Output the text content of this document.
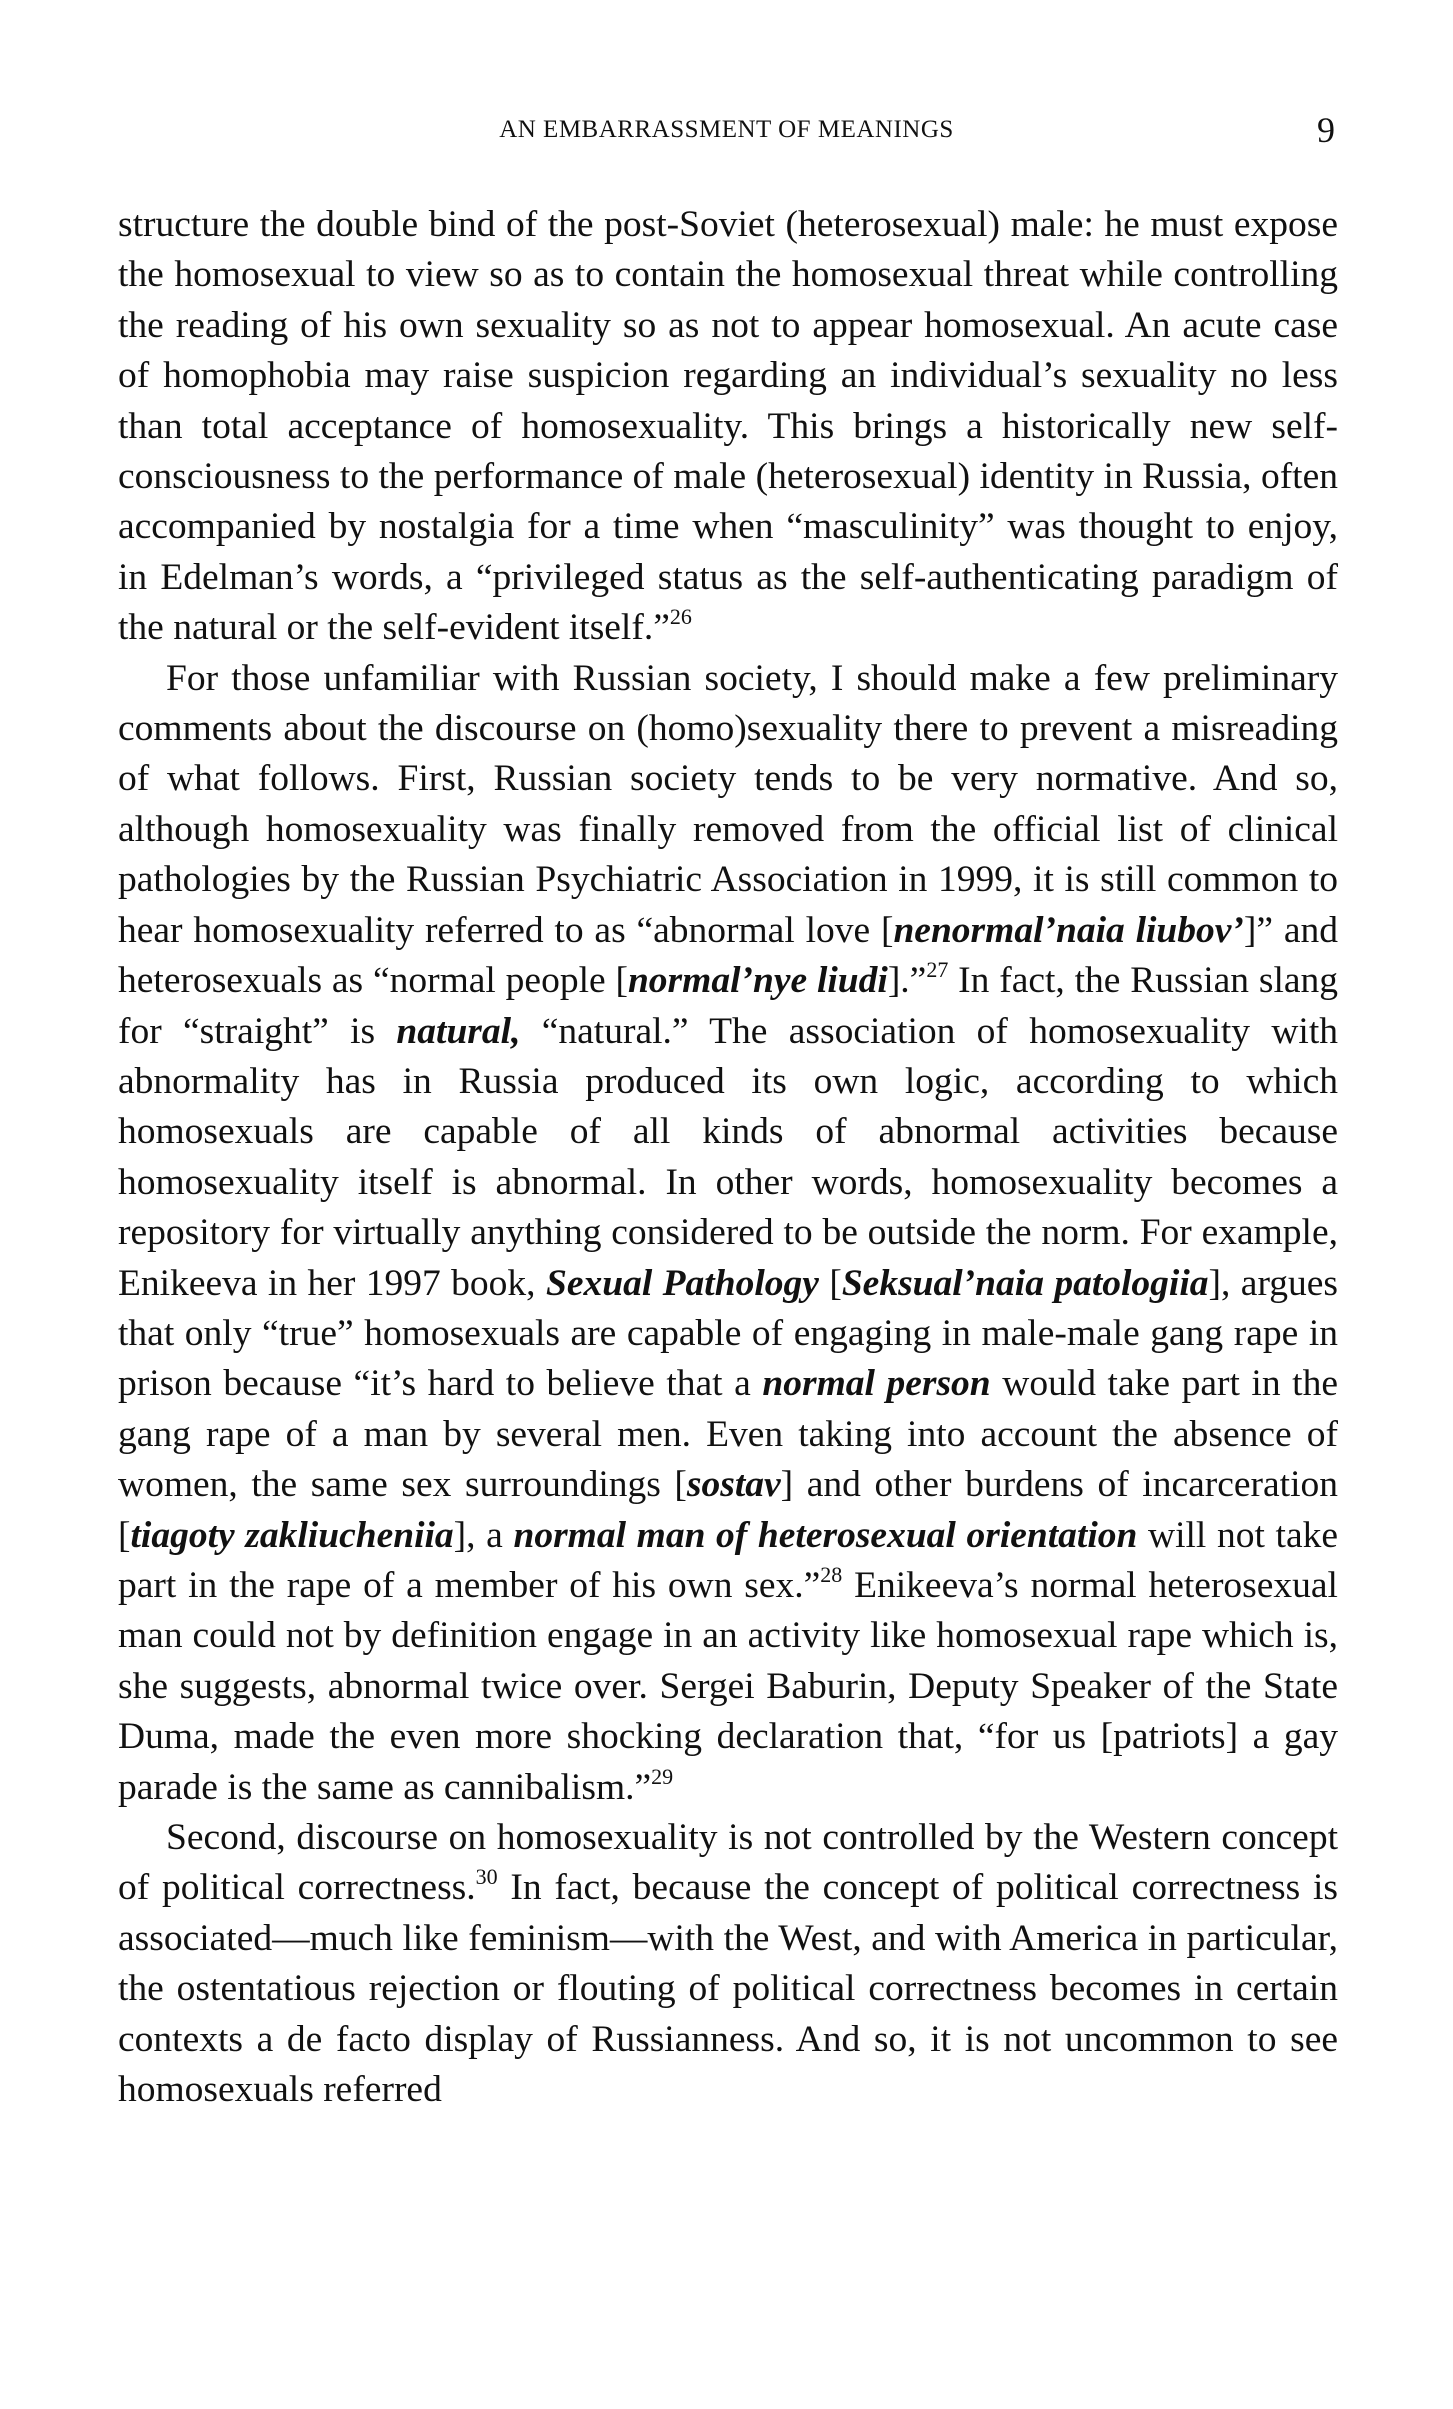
AN EMBARRASSMENT OF MEANINGS	9

structure the double bind of the post-Soviet (heterosexual) male: he must expose the homosexual to view so as to contain the homosexual threat while controlling the reading of his own sexuality so as not to appear homosexual. An acute case of homophobia may raise suspicion regarding an individual’s sexuality no less than total acceptance of homosexuality. This brings a historically new self-consciousness to the performance of male (heterosexual) identity in Russia, often accompanied by nostalgia for a time when “masculinity” was thought to enjoy, in Edelman’s words, a “privileged status as the self-authenticating paradigm of the natural or the self-evident itself.”$^{26}$

For those unfamiliar with Russian society, I should make a few preliminary comments about the discourse on (homo)sexuality there to prevent a misreading of what follows. First, Russian society tends to be very normative. And so, although homosexuality was finally removed from the official list of clinical pathologies by the Russian Psychiatric Association in 1999, it is still common to hear homosexuality referred to as “abnormal love [nenormal’naia liubov’]” and heterosexuals as “normal people [normal’nye liudi].”$^{27}$ In fact, the Russian slang for “straight” is natural, “natural.” The association of homosexuality with abnormality has in Russia produced its own logic, according to which homosexuals are capable of all kinds of abnormal activities because homosexuality itself is abnormal. In other words, homosexuality becomes a repository for virtually anything considered to be outside the norm. For example, Enikeeva in her 1997 book, Sexual Pathology [Seksual’naia patologiia], argues that only “true” homosexuals are capable of engaging in male-male gang rape in prison because “it’s hard to believe that a normal person would take part in the gang rape of a man by several men. Even taking into account the absence of women, the same sex surroundings [sostav] and other burdens of incarceration [tiagoty zakliucheniia], a normal man of heterosexual orientation will not take part in the rape of a member of his own sex.”$^{28}$ Enikeeva’s normal heterosexual man could not by definition engage in an activity like homosexual rape which is, she suggests, abnormal twice over. Sergei Baburin, Deputy Speaker of the State Duma, made the even more shocking declaration that, “for us [patriots] a gay parade is the same as cannibalism.”$^{29}$

Second, discourse on homosexuality is not controlled by the Western concept of political correctness.$^{30}$ In fact, because the concept of political correctness is associated—much like feminism—with the West, and with America in particular, the ostentatious rejection or flouting of political correctness becomes in certain contexts a de facto display of Russianness. And so, it is not uncommon to see homosexuals referred
